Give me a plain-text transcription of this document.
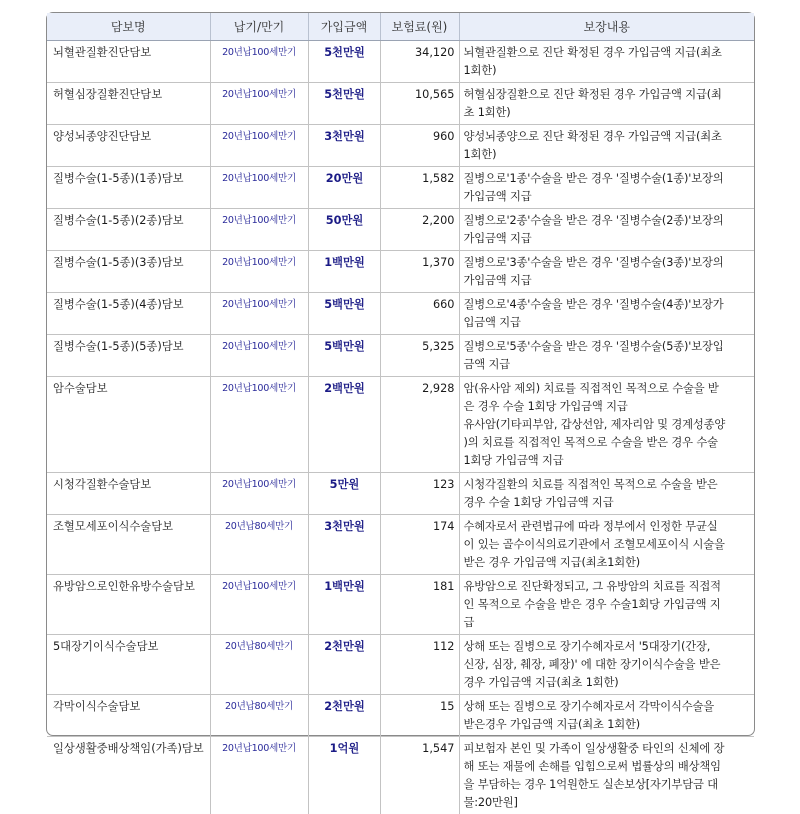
담보명	납기/만기	가입금액	보험료(원)	보장내용
뇌혈관질환진단담보	20년납100세만기	5천만원	34,120	뇌혈관질환으로 진단 확정된 경우 가입금액 지급(최초
1회한)

허혈심장질환진단담보	20년납100세만기	5천만원	10,565	허혈심장질환으로 진단 확정된 경우 가입금액 지급(최
초 1회한)

양성뇌종양진단담보	20년납100세만기	3천만원	960	양성뇌종양으로 진단 확정된 경우 가입금액 지급(최초
1회한)

질병수술(1-5종)(1종)담보	20년납100세만기	20만원	1,582	질병으로'1종'수술을 받은 경우 '질병수술(1종)'보장의
가입금액 지급

질병수술(1-5종)(2종)담보	20년납100세만기	50만원	2,200	질병으로'2종'수술을 받은 경우 '질병수술(2종)'보장의
가입금액 지급

질병수술(1-5종)(3종)담보	20년납100세만기	1백만원	1,370	질병으로'3종'수술을 받은 경우 '질병수술(3종)'보장의
가입금액 지급

질병수술(1-5종)(4종)담보	20년납100세만기	5백만원	660	질병으로'4종'수술을 받은 경우 '질병수술(4종)'보장가
입금액 지급

질병수술(1-5종)(5종)담보	20년납100세만기	5백만원	5,325	질병으로'5종'수술을 받은 경우 '질병수술(5종)'보장입
금액 지급

암수술담보	20년납100세만기	2백만원	2,928	암(유사암 제외) 치료를 직접적인 목적으로 수술을 받
은 경우 수술 1회당 가입금액 지급
유사암(기타피부암, 갑상선암, 제자리암 및 경계성종양
)의 치료를 직접적인 목적으로 수술을 받은 경우 수술
1회당 가입금액 지급

시청각질환수술담보	20년납100세만기	5만원	123	시청각질환의 치료를 직접적인 목적으로 수술을 받은
경우 수술 1회당 가입금액 지급

조혈모세포이식수술담보	20년납80세만기	3천만원	174	수혜자로서 관련법규에 따라 정부에서 인정한 무균실
이 있는 골수이식의료기관에서 조혈모세포이식 시술을
받은 경우 가입금액 지급(최초1회한)

유방암으로인한유방수술담보	20년납100세만기	1백만원	181	유방암으로 진단확정되고, 그 유방암의 치료를 직접적
인 목적으로 수술을 받은 경우 수술1회당 가입금액 지
급

5대장기이식수술담보	20년납80세만기	2천만원	112	상해 또는 질병으로 장기수혜자로서 '5대장기(간장,
신장, 심장, 췌장, 폐장)' 에 대한 장기이식수술을 받은
경우 가입금액 지급(최초 1회한)

각막이식수술담보	20년납80세만기	2천만원	15	상해 또는 질병으로 장기수혜자로서 각막이식수술을
받은경우 가입금액 지급(최초 1회한)

일상생활중배상책임(가족)담보	20년납100세만기	1억원	1,547	피보험자 본인 및 가족이 일상생활중 타인의 신체에 장
해 또는 재물에 손해를 입힘으로써 법률상의 배상책임
을 부담하는 경우 1억원한도 실손보상[자기부담금 대
물:20만원]
